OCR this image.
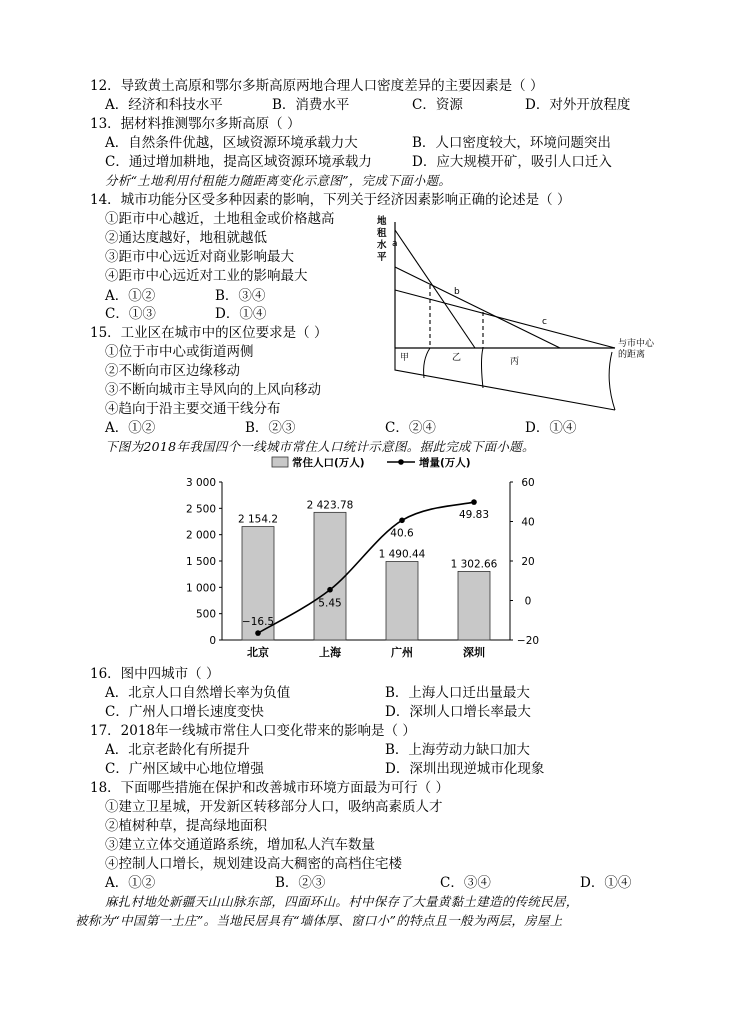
12．导致黄土高原和鄂尔多斯高原两地合理人口密度差异的主要因素是（ ）
A．经济和科技水平	B．消费水平	C．资源	D．对外开放程度
13．据材料推测鄂尔多斯高原（ ）
A．自然条件优越，区域资源环境承载力大	B．人口密度较大，环境问题突出
C．通过增加耕地，提高区域资源环境承载力	D．应大规模开矿，吸引人口迁入
分析“土地利用付租能力随距离变化示意图”，完成下面小题。
14．城市功能分区受多种因素的影响，下列关于经济因素影响正确的论述是（ ）
①距市中心越近，土地租金或价格越高
②通达度越好，地租就越低
③距市中心远近对商业影响最大
④距市中心远近对工业的影响最大
A．①②	B．③④
C．①③	D．①④
15．工业区在城市中的区位要求是（ ）
①位于市中心或街道两侧
②不断向市区边缘移动
③不断向城市主导风向的上风向移动
④趋向于沿主要交通干线分布
A．①②	B．②③	C．②④	D．①④
地
租
水
平
a
b
c
甲	乙	丙
与市中心
的距离
下图为2018年我国四个一线城市常住人口统计示意图。据此完成下面小题。
0
500
1 000
1 500
2 000
2 500
3 000
−20
0
20
40
60
2 154.2
北京
2 423.78
上海
1 490.44
广州
1 302.66
深圳
−16.5
5.45
40.6
49.83
常住人口(万人)	增量(万人)
16．图中四城市（ ）
A．北京人口自然增长率为负值	B．上海人口迁出量最大
C．广州人口增长速度变快	D．深圳人口增长率最大
17．2018年一线城市常住人口变化带来的影响是（ ）
A．北京老龄化有所提升	B．上海劳动力缺口加大
C．广州区域中心地位增强	D．深圳出现逆城市化现象
18．下面哪些措施在保护和改善城市环境方面最为可行（ ）
①建立卫星城，开发新区转移部分人口，吸纳高素质人才
②植树种草，提高绿地面积
③建立立体交通道路系统，增加私人汽车数量
④控制人口增长，规划建设高大稠密的高档住宅楼
A．①②	B．②③	C．③④	D．①④
麻扎村地处新疆天山山脉东部，四面环山。村中保存了大量黄黏土建造的传统民居，
被称为“中国第一土庄”。当地民居具有“墙体厚、窗口小”的特点且一般为两层，房屋上
